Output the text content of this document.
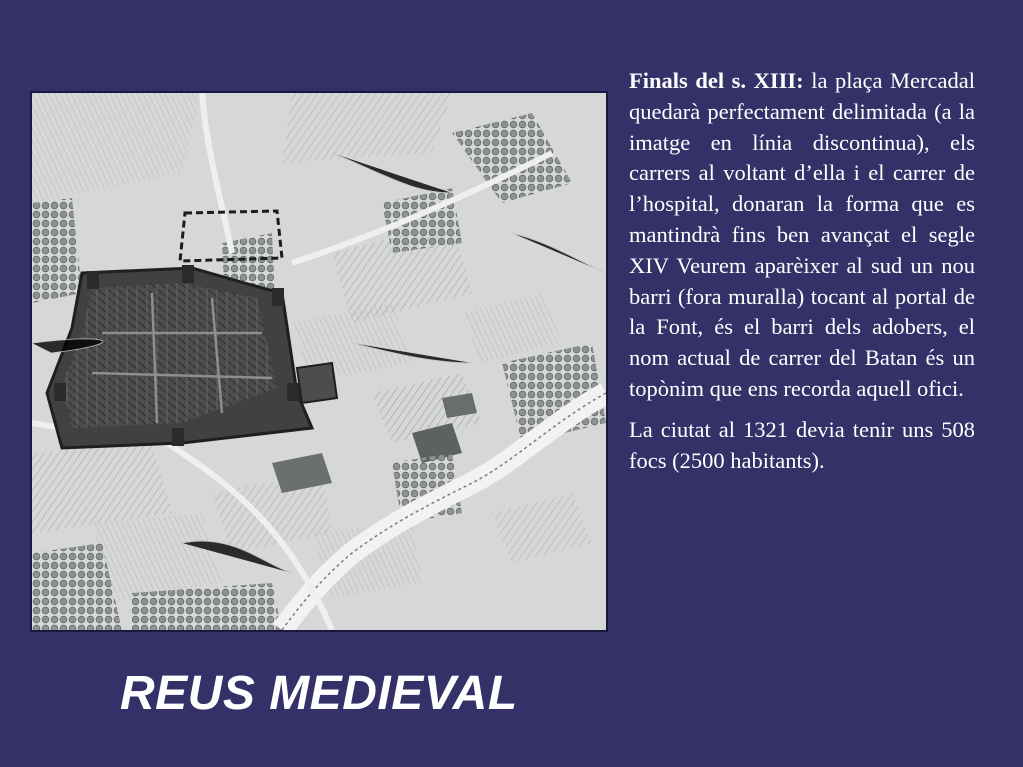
Finals del s. XIII: la plaça Mercadal quedarà perfectament delimitada (a la imatge en línia discontinua), els carrers al voltant d’ella i el carrer de l’hospital, donaran la forma que es mantindrà fins ben avançat el segle XIV Veurem aparèixer al sud un nou barri (fora muralla) tocant al portal de la Font, és el barri dels adobers, el nom actual de carrer del Batan és un topònim que ens recorda aquell ofici.

La ciutat al 1321 devia tenir uns 508 focs (2500 habitants).

REUS MEDIEVAL
